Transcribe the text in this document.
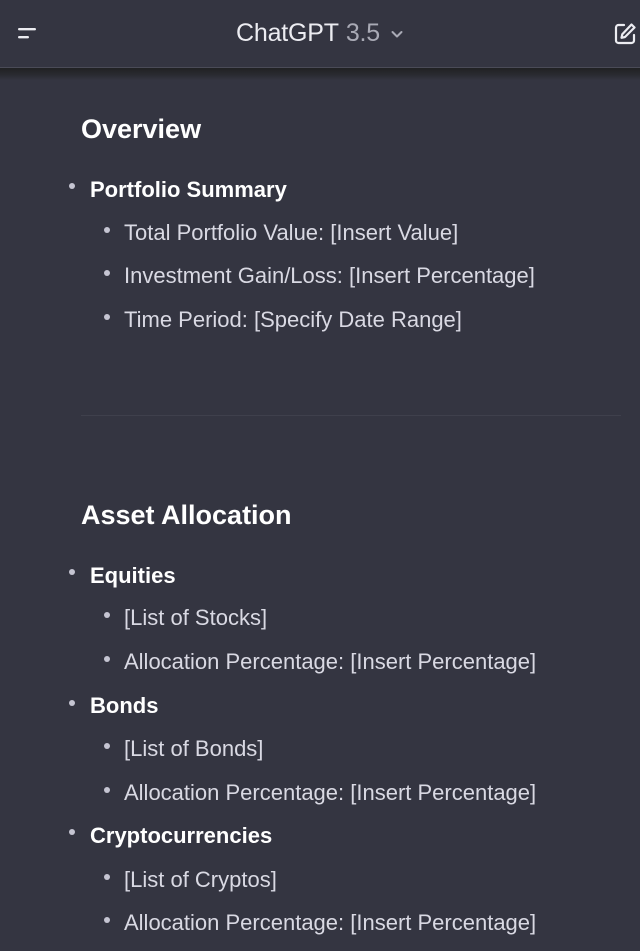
ChatGPT 3.5
Overview
Portfolio Summary
Total Portfolio Value: [Insert Value]
Investment Gain/Loss: [Insert Percentage]
Time Period: [Specify Date Range]
Asset Allocation
Equities
[List of Stocks]
Allocation Percentage: [Insert Percentage]
Bonds
[List of Bonds]
Allocation Percentage: [Insert Percentage]
Cryptocurrencies
[List of Cryptos]
Allocation Percentage: [Insert Percentage]
